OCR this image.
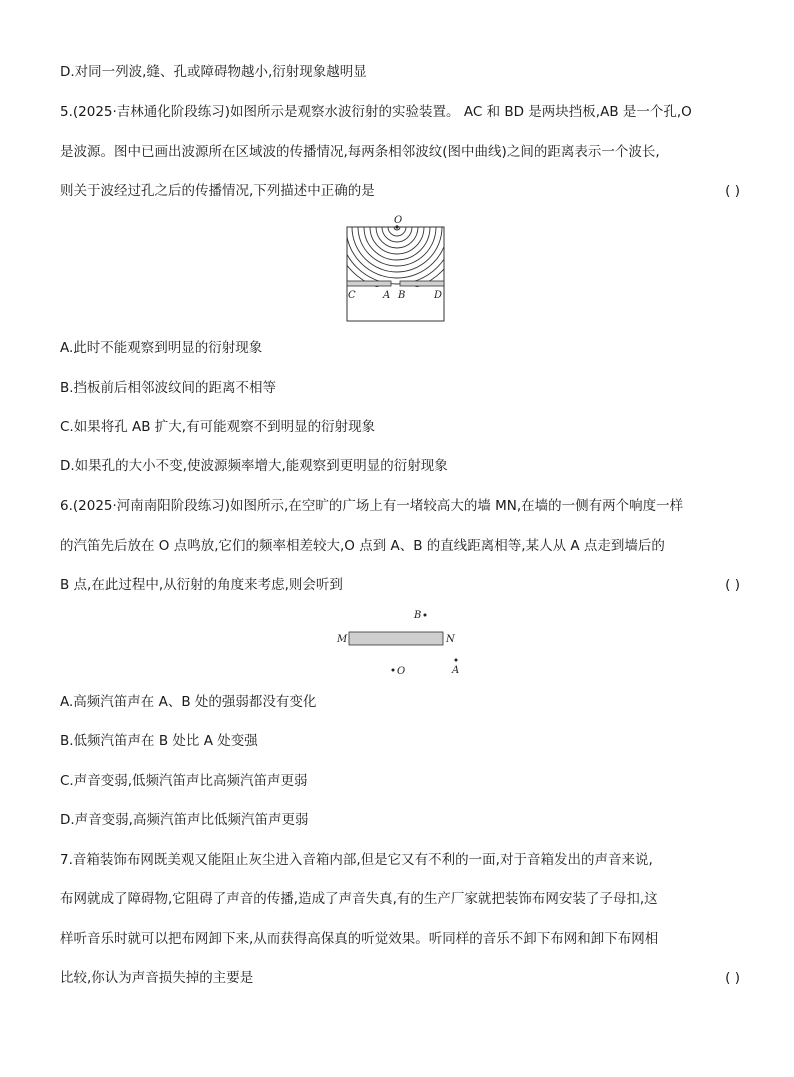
D.对同一列波,缝、孔或障碍物越小,衍射现象越明显
5.(2025·吉林通化阶段练习)如图所示是观察水波衍射的实验装置。 AC 和 BD 是两块挡板,AB 是一个孔,O
是波源。图中已画出波源所在区域波的传播情况,每两条相邻波纹(图中曲线)之间的距离表示一个波长,
则关于波经过孔之后的传播情况,下列描述中正确的是	( )
O
C	A B	D
A.此时不能观察到明显的衍射现象
B.挡板前后相邻波纹间的距离不相等
C.如果将孔 AB 扩大,有可能观察不到明显的衍射现象
D.如果孔的大小不变,使波源频率增大,能观察到更明显的衍射现象
6.(2025·河南南阳阶段练习)如图所示,在空旷的广场上有一堵较高大的墙 MN,在墙的一侧有两个响度一样
的汽笛先后放在 O 点鸣放,它们的频率相差较大,O 点到 A、B 的直线距离相等,某人从 A 点走到墙后的
B 点,在此过程中,从衍射的角度来考虑,则会听到	( )
B
M	N
O	A
A.高频汽笛声在 A、B 处的强弱都没有变化
B.低频汽笛声在 B 处比 A 处变强
C.声音变弱,低频汽笛声比高频汽笛声更弱
D.声音变弱,高频汽笛声比低频汽笛声更弱
7.音箱装饰布网既美观又能阻止灰尘进入音箱内部,但是它又有不利的一面,对于音箱发出的声音来说,
布网就成了障碍物,它阻碍了声音的传播,造成了声音失真,有的生产厂家就把装饰布网安装了子母扣,这
样听音乐时就可以把布网卸下来,从而获得高保真的听觉效果。听同样的音乐不卸下布网和卸下布网相
比较,你认为声音损失掉的主要是	( )
